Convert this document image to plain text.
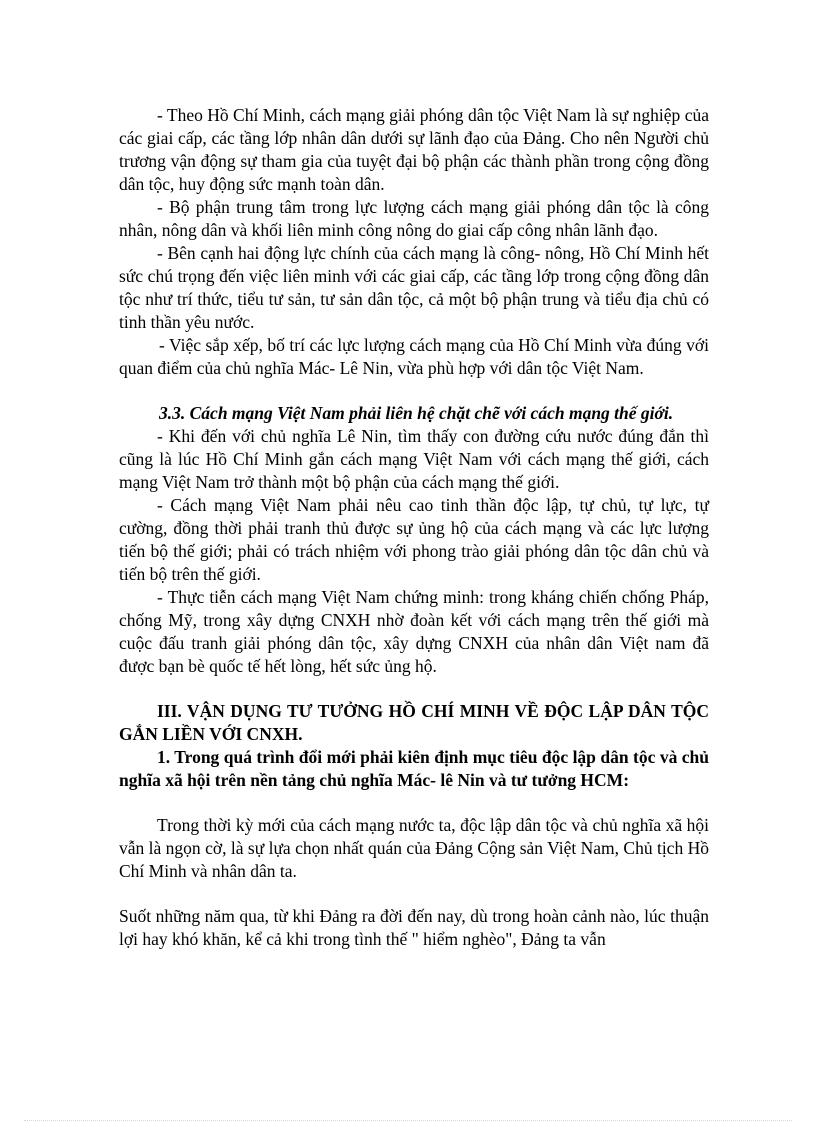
- Theo Hồ Chí Minh, cách mạng giải phóng dân tộc Việt Nam là sự nghiệp của các giai cấp, các tầng lớp nhân dân dưới sự lãnh đạo của Đảng. Cho nên Người chủ trương vận động sự tham gia của tuyệt đại bộ phận các thành phần trong cộng đồng dân tộc, huy động sức mạnh toàn dân.

- Bộ phận trung tâm trong lực lượng cách mạng giải phóng dân tộc là công nhân, nông dân và khối liên minh công nông do giai cấp công nhân lãnh đạo.

- Bên cạnh hai động lực chính của cách mạng là công- nông, Hồ Chí Minh hết sức chú trọng đến việc liên minh với các giai cấp, các tầng lớp trong cộng đồng dân tộc như trí thức, tiểu tư sản, tư sản dân tộc, cả một bộ phận trung và tiểu địa chủ có tinh thần yêu nước.

- Việc sắp xếp, bố trí các lực lượng cách mạng của Hồ Chí Minh vừa đúng với quan điểm của chủ nghĩa Mác- Lê Nin, vừa phù hợp với dân tộc Việt Nam.

3.3. Cách mạng Việt Nam phải liên hệ chặt chẽ với cách mạng thế giới.

- Khi đến với chủ nghĩa Lê Nin, tìm thấy con đường cứu nước đúng đắn thì cũng là lúc Hồ Chí Minh gắn cách mạng Việt Nam với cách mạng thế giới, cách mạng Việt Nam trở thành một bộ phận của cách mạng thế giới.

- Cách mạng Việt Nam phải nêu cao tinh thần độc lập, tự chủ, tự lực, tự cường, đồng thời phải tranh thủ được sự ủng hộ của cách mạng và các lực lượng tiến bộ thế giới; phải có trách nhiệm với phong trào giải phóng dân tộc dân chủ và tiến bộ trên thế giới.

- Thực tiễn cách mạng Việt Nam chứng minh: trong kháng chiến chống Pháp, chống Mỹ, trong xây dựng CNXH nhờ đoàn kết với cách mạng trên thế giới mà cuộc đấu tranh giải phóng dân tộc, xây dựng CNXH của nhân dân Việt nam đã được bạn bè quốc tế hết lòng, hết sức ủng hộ.

III. VẬN DỤNG TƯ TƯỞNG HỒ CHÍ MINH VỀ ĐỘC LẬP DÂN TỘC GẮN LIỀN VỚI CNXH.

1. Trong quá trình đổi mới phải kiên định mục tiêu độc lập dân tộc và chủ nghĩa xã hội trên nền tảng chủ nghĩa Mác- lê Nin và tư tưởng HCM:

Trong thời kỳ mới của cách mạng nước ta, độc lập dân tộc và chủ nghĩa xã hội vẫn là ngọn cờ, là sự lựa chọn nhất quán của Đảng Cộng sản Việt Nam, Chủ tịch Hồ Chí Minh và nhân dân ta.

Suốt những năm qua, từ khi Đảng ra đời đến nay, dù trong hoàn cảnh nào, lúc thuận lợi hay khó khăn, kể cả khi trong tình thế " hiểm nghèo", Đảng ta vẫn
